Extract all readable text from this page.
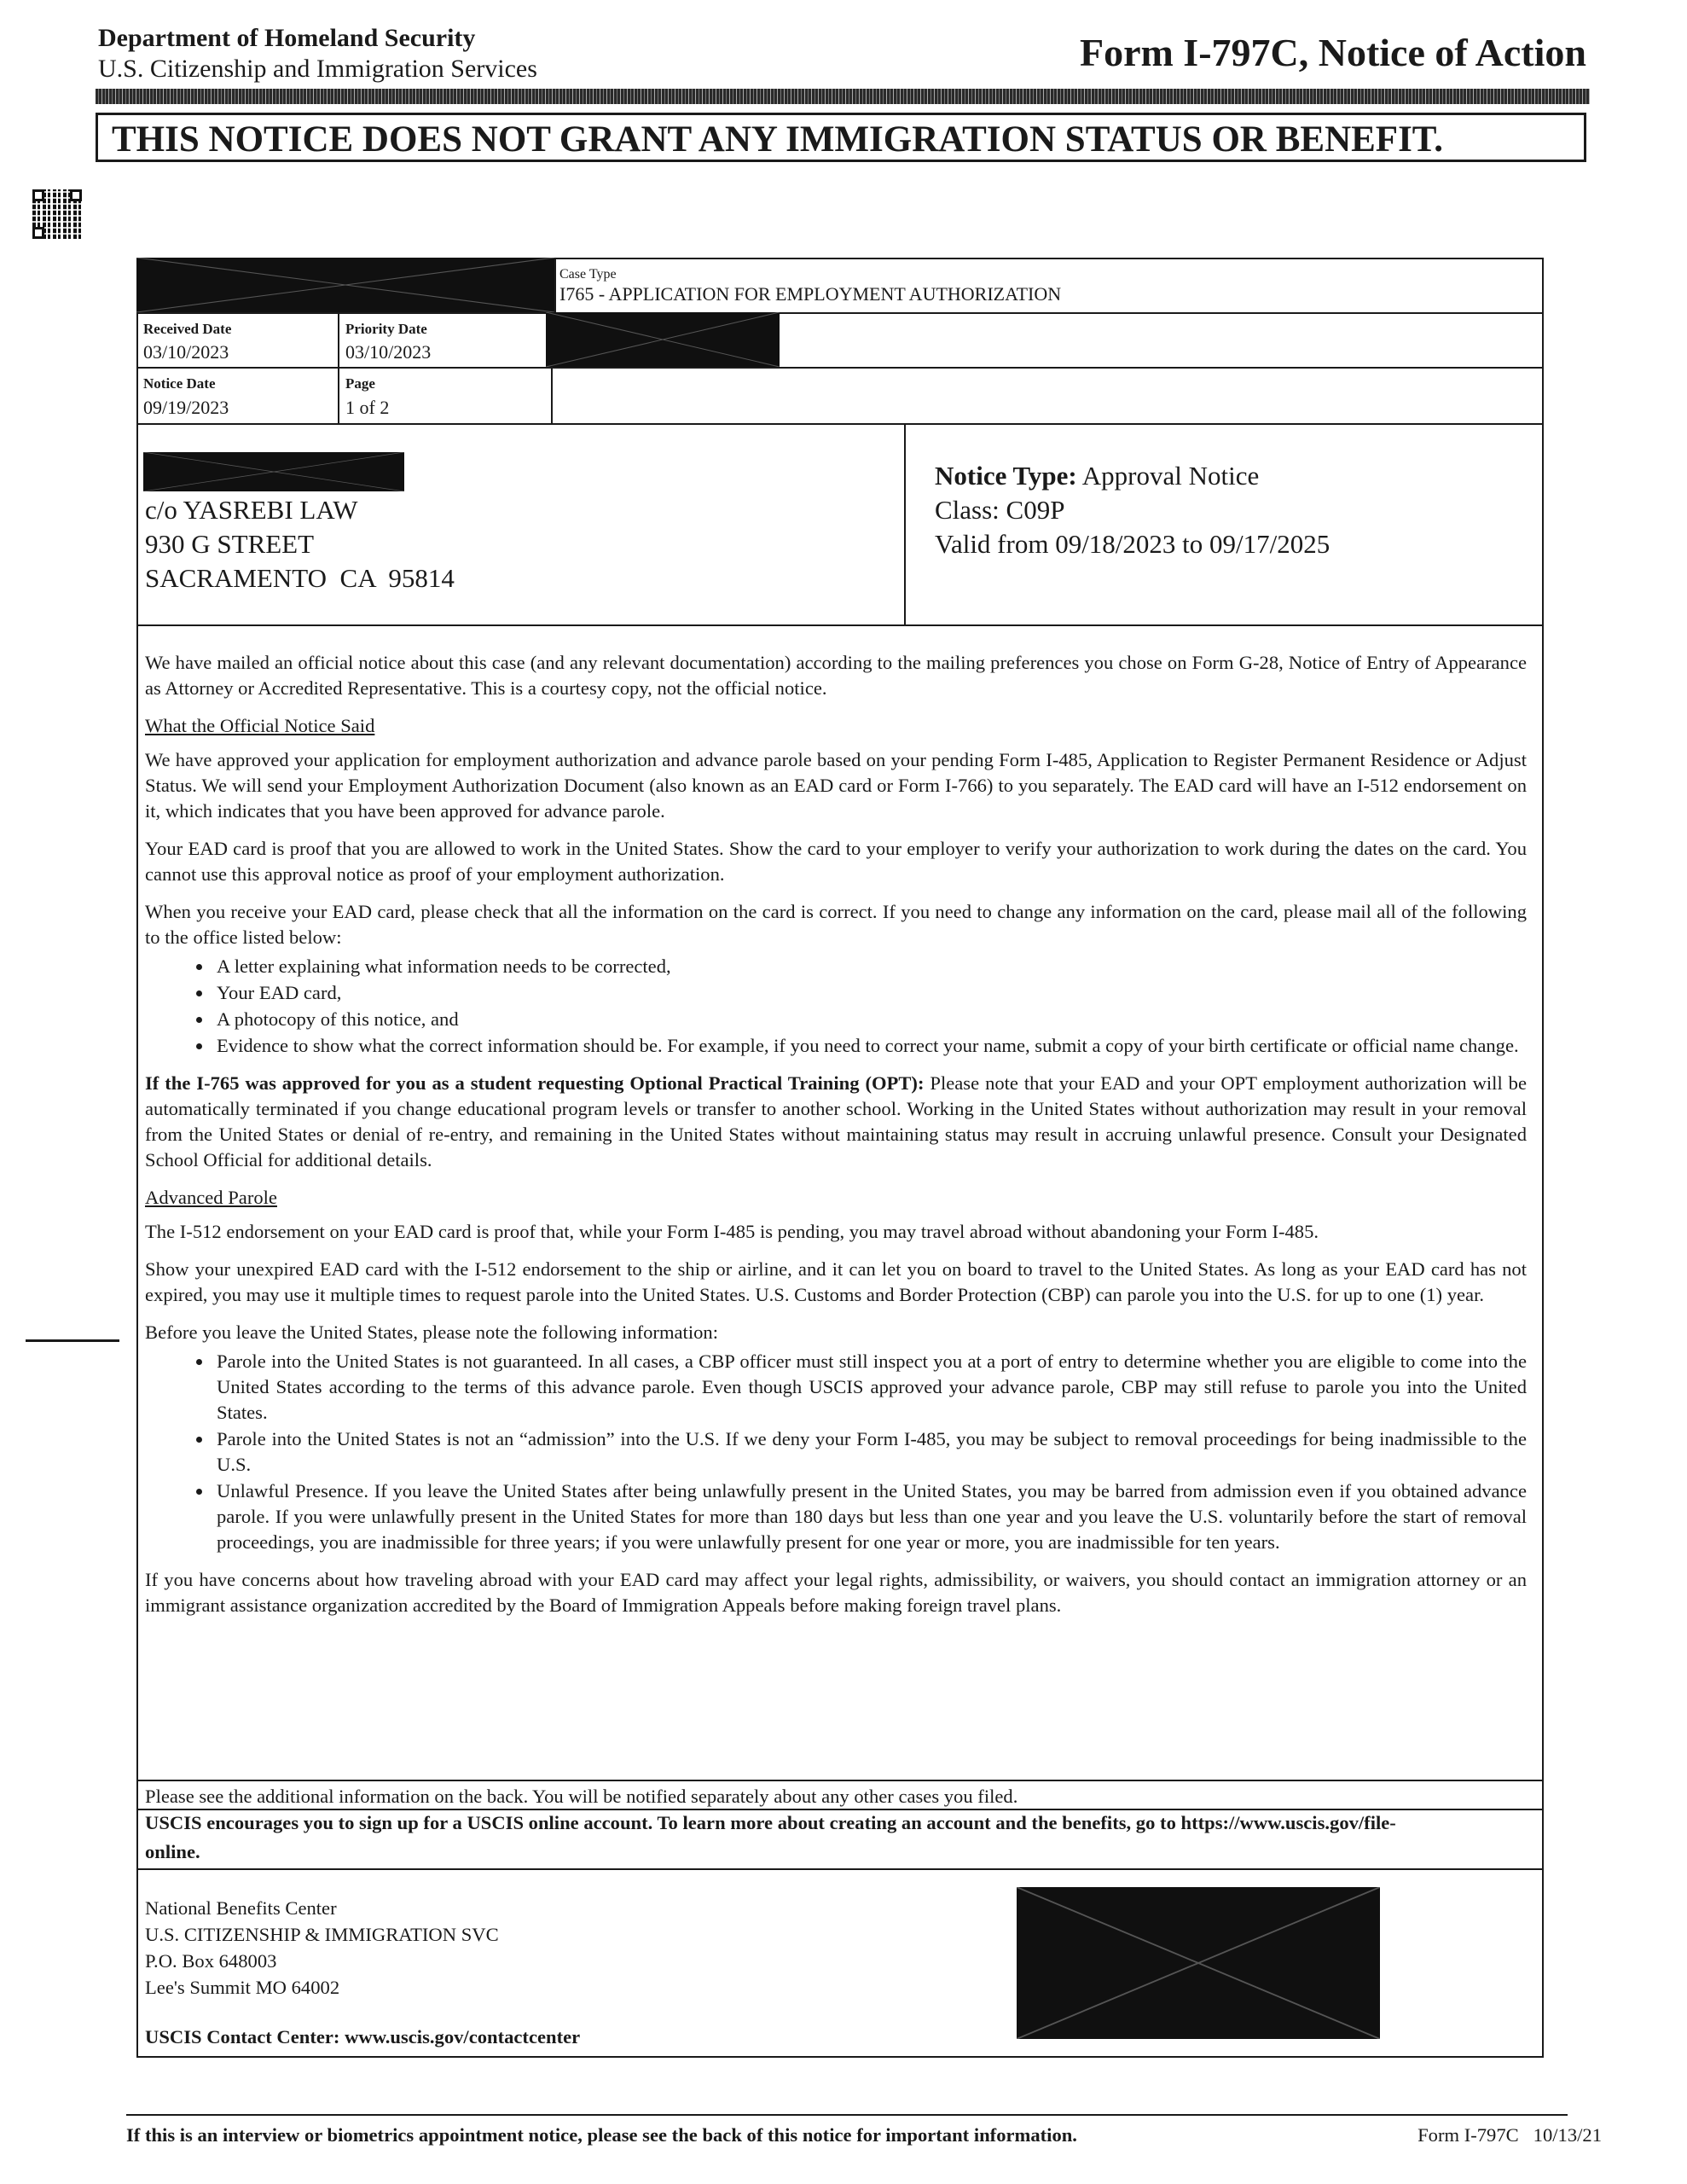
Department of Homeland Security
U.S. Citizenship and Immigration Services	Form I-797C, Notice of Action
THIS NOTICE DOES NOT GRANT ANY IMMIGRATION STATUS OR BENEFIT.
Case Type
I765 - APPLICATION FOR EMPLOYMENT AUTHORIZATION
Received Date
03/10/2023
Priority Date
03/10/2023
Notice Date
09/19/2023
Page
1 of 2
c/o YASREBI LAW
930 G STREET
SACRAMENTO  CA  95814
Notice Type: Approval Notice
Class: C09P
Valid from 09/18/2023 to 09/17/2025

We have mailed an official notice about this case (and any relevant documentation) according to the mailing preferences you chose on Form G-28, Notice of Entry of Appearance as Attorney or Accredited Representative. This is a courtesy copy, not the official notice.

What the Official Notice Said

We have approved your application for employment authorization and advance parole based on your pending Form I-485, Application to Register Permanent Residence or Adjust Status. We will send your Employment Authorization Document (also known as an EAD card or Form I-766) to you separately. The EAD card will have an I-512 endorsement on it, which indicates that you have been approved for advance parole.

Your EAD card is proof that you are allowed to work in the United States. Show the card to your employer to verify your authorization to work during the dates on the card. You cannot use this approval notice as proof of your employment authorization.

When you receive your EAD card, please check that all the information on the card is correct. If you need to change any information on the card, please mail all of the following to the office listed below:

• A letter explaining what information needs to be corrected,
• Your EAD card,
• A photocopy of this notice, and
• Evidence to show what the correct information should be. For example, if you need to correct your name, submit a copy of your birth certificate or official name change.

If the I-765 was approved for you as a student requesting Optional Practical Training (OPT): Please note that your EAD and your OPT employment authorization will be automatically terminated if you change educational program levels or transfer to another school. Working in the United States without authorization may result in your removal from the United States or denial of re-entry, and remaining in the United States without maintaining status may result in accruing unlawful presence. Consult your Designated School Official for additional details.

Advanced Parole

The I-512 endorsement on your EAD card is proof that, while your Form I-485 is pending, you may travel abroad without abandoning your Form I-485.

Show your unexpired EAD card with the I-512 endorsement to the ship or airline, and it can let you on board to travel to the United States. As long as your EAD card has not expired, you may use it multiple times to request parole into the United States. U.S. Customs and Border Protection (CBP) can parole you into the U.S. for up to one (1) year.

Before you leave the United States, please note the following information:

• Parole into the United States is not guaranteed. In all cases, a CBP officer must still inspect you at a port of entry to determine whether you are eligible to come into the United States according to the terms of this advance parole. Even though USCIS approved your advance parole, CBP may still refuse to parole you into the United States.
• Parole into the United States is not an “admission” into the U.S. If we deny your Form I-485, you may be subject to removal proceedings for being inadmissible to the U.S.
• Unlawful Presence. If you leave the United States after being unlawfully present in the United States, you may be barred from admission even if you obtained advance parole. If you were unlawfully present in the United States for more than 180 days but less than one year and you leave the U.S. voluntarily before the start of removal proceedings, you are inadmissible for three years; if you were unlawfully present for one year or more, you are inadmissible for ten years.

If you have concerns about how traveling abroad with your EAD card may affect your legal rights, admissibility, or waivers, you should contact an immigration attorney or an immigrant assistance organization accredited by the Board of Immigration Appeals before making foreign travel plans.

Please see the additional information on the back. You will be notified separately about any other cases you filed.
USCIS encourages you to sign up for a USCIS online account. To learn more about creating an account and the benefits, go to https://www.uscis.gov/file-online.
National Benefits Center
U.S. CITIZENSHIP & IMMIGRATION SVC
P.O. Box 648003
Lee's Summit MO 64002
USCIS Contact Center: www.uscis.gov/contactcenter
If this is an interview or biometrics appointment notice, please see the back of this notice for important information.	Form I-797C   10/13/21
